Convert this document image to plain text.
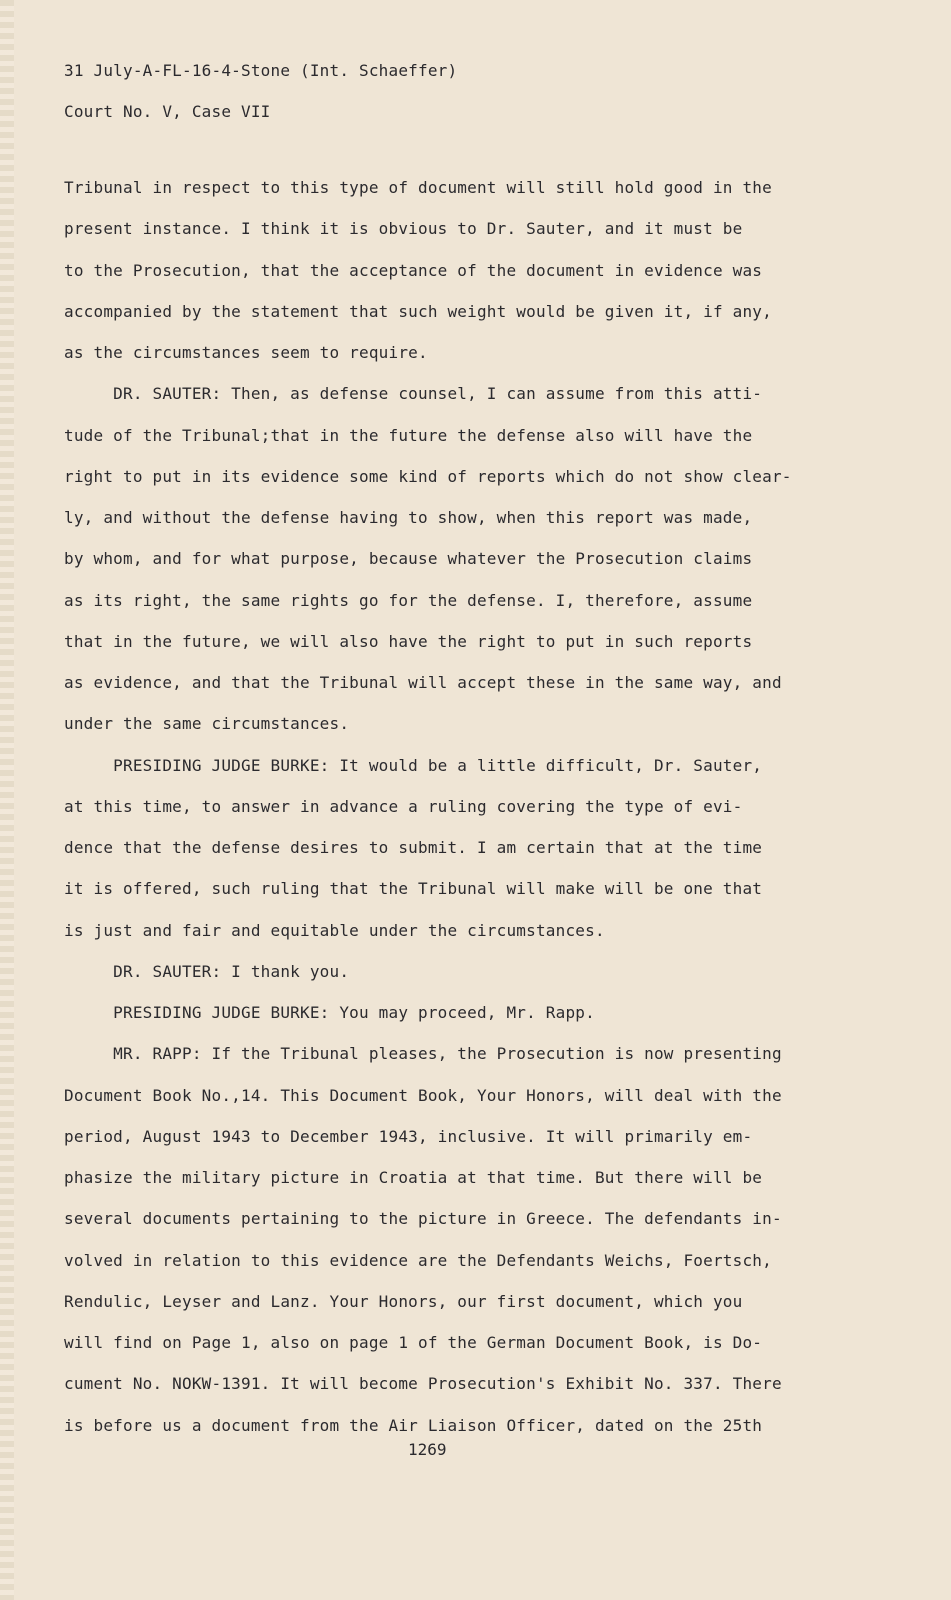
31 July-A-FL-16-4-Stone (Int. Schaeffer)
Court No. V, Case VII
Tribunal in respect to this type of document will still hold good in the
present instance. I think it is obvious to Dr. Sauter, and it must be
to the Prosecution, that the acceptance of the document in evidence was
accompanied by the statement that such weight would be given it, if any,
as the circumstances seem to require.
DR. SAUTER: Then, as defense counsel, I can assume from this atti-
tude of the Tribunal;that in the future the defense also will have the
right to put in its evidence some kind of reports which do not show clear-
ly, and without the defense having to show, when this report was made,
by whom, and for what purpose, because whatever the Prosecution claims
as its right, the same rights go for the defense. I, therefore, assume
that in the future, we will also have the right to put in such reports
as evidence, and that the Tribunal will accept these in the same way, and
under the same circumstances.
PRESIDING JUDGE BURKE: It would be a little difficult, Dr. Sauter,
at this time, to answer in advance a ruling covering the type of evi-
dence that the defense desires to submit. I am certain that at the time
it is offered, such ruling that the Tribunal will make will be one that
is just and fair and equitable under the circumstances.
DR. SAUTER: I thank you.
PRESIDING JUDGE BURKE: You may proceed, Mr. Rapp.
MR. RAPP: If the Tribunal pleases, the Prosecution is now presenting
Document Book No.,14. This Document Book, Your Honors, will deal with the
period, August 1943 to December 1943, inclusive. It will primarily em-
phasize the military picture in Croatia at that time. But there will be
several documents pertaining to the picture in Greece. The defendants in-
volved in relation to this evidence are the Defendants Weichs, Foertsch,
Rendulic, Leyser and Lanz. Your Honors, our first document, which you
will find on Page 1, also on page 1 of the German Document Book, is Do-
cument No. NOKW-1391. It will become Prosecution's Exhibit No. 337. There
is before us a document from the Air Liaison Officer, dated on the 25th
1269
